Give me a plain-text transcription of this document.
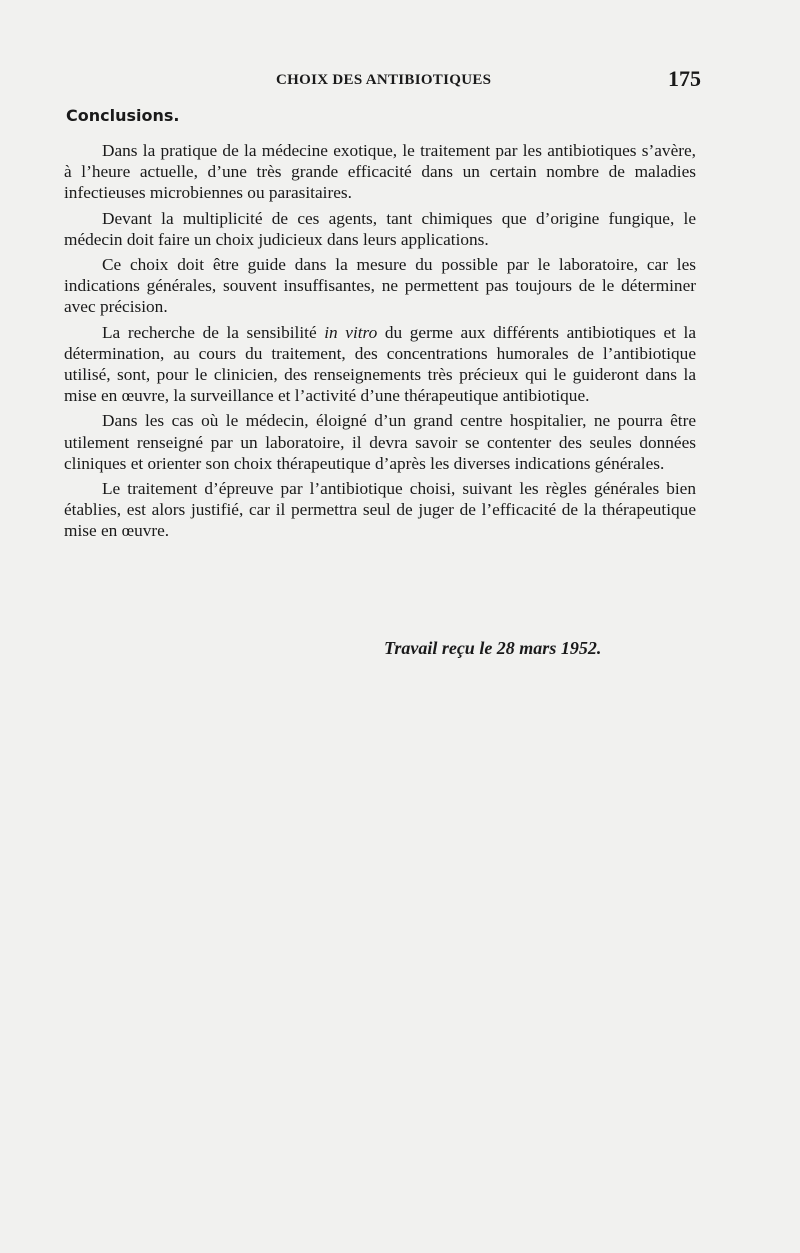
CHOIX DES ANTIBIOTIQUES	175
Conclusions.

Dans la pratique de la médecine exotique, le traitement par les antibiotiques s’avère, à l’heure actuelle, d’une très grande efficacité dans un certain nombre de maladies infectieuses microbiennes ou parasitaires.

Devant la multiplicité de ces agents, tant chimiques que d’origine fungique, le médecin doit faire un choix judicieux dans leurs applications.

Ce choix doit être guide dans la mesure du possible par le laboratoire, car les indications générales, souvent insuffisantes, ne permettent pas toujours de le déterminer avec précision.

La recherche de la sensibilité in vitro du germe aux différents antibiotiques et la détermination, au cours du traitement, des concentrations humorales de l’antibiotique utilisé, sont, pour le clinicien, des renseignements très précieux qui le guideront dans la mise en œuvre, la surveillance et l’activité d’une thérapeutique antibiotique.

Dans les cas où le médecin, éloigné d’un grand centre hospitalier, ne pourra être utilement renseigné par un laboratoire, il devra savoir se contenter des seules données cliniques et orienter son choix thérapeutique d’après les diverses indications générales.

Le traitement d’épreuve par l’antibiotique choisi, suivant les règles générales bien établies, est alors justifié, car il permettra seul de juger de l’efficacité de la thérapeutique mise en œuvre.

Travail reçu le 28 mars 1952.
